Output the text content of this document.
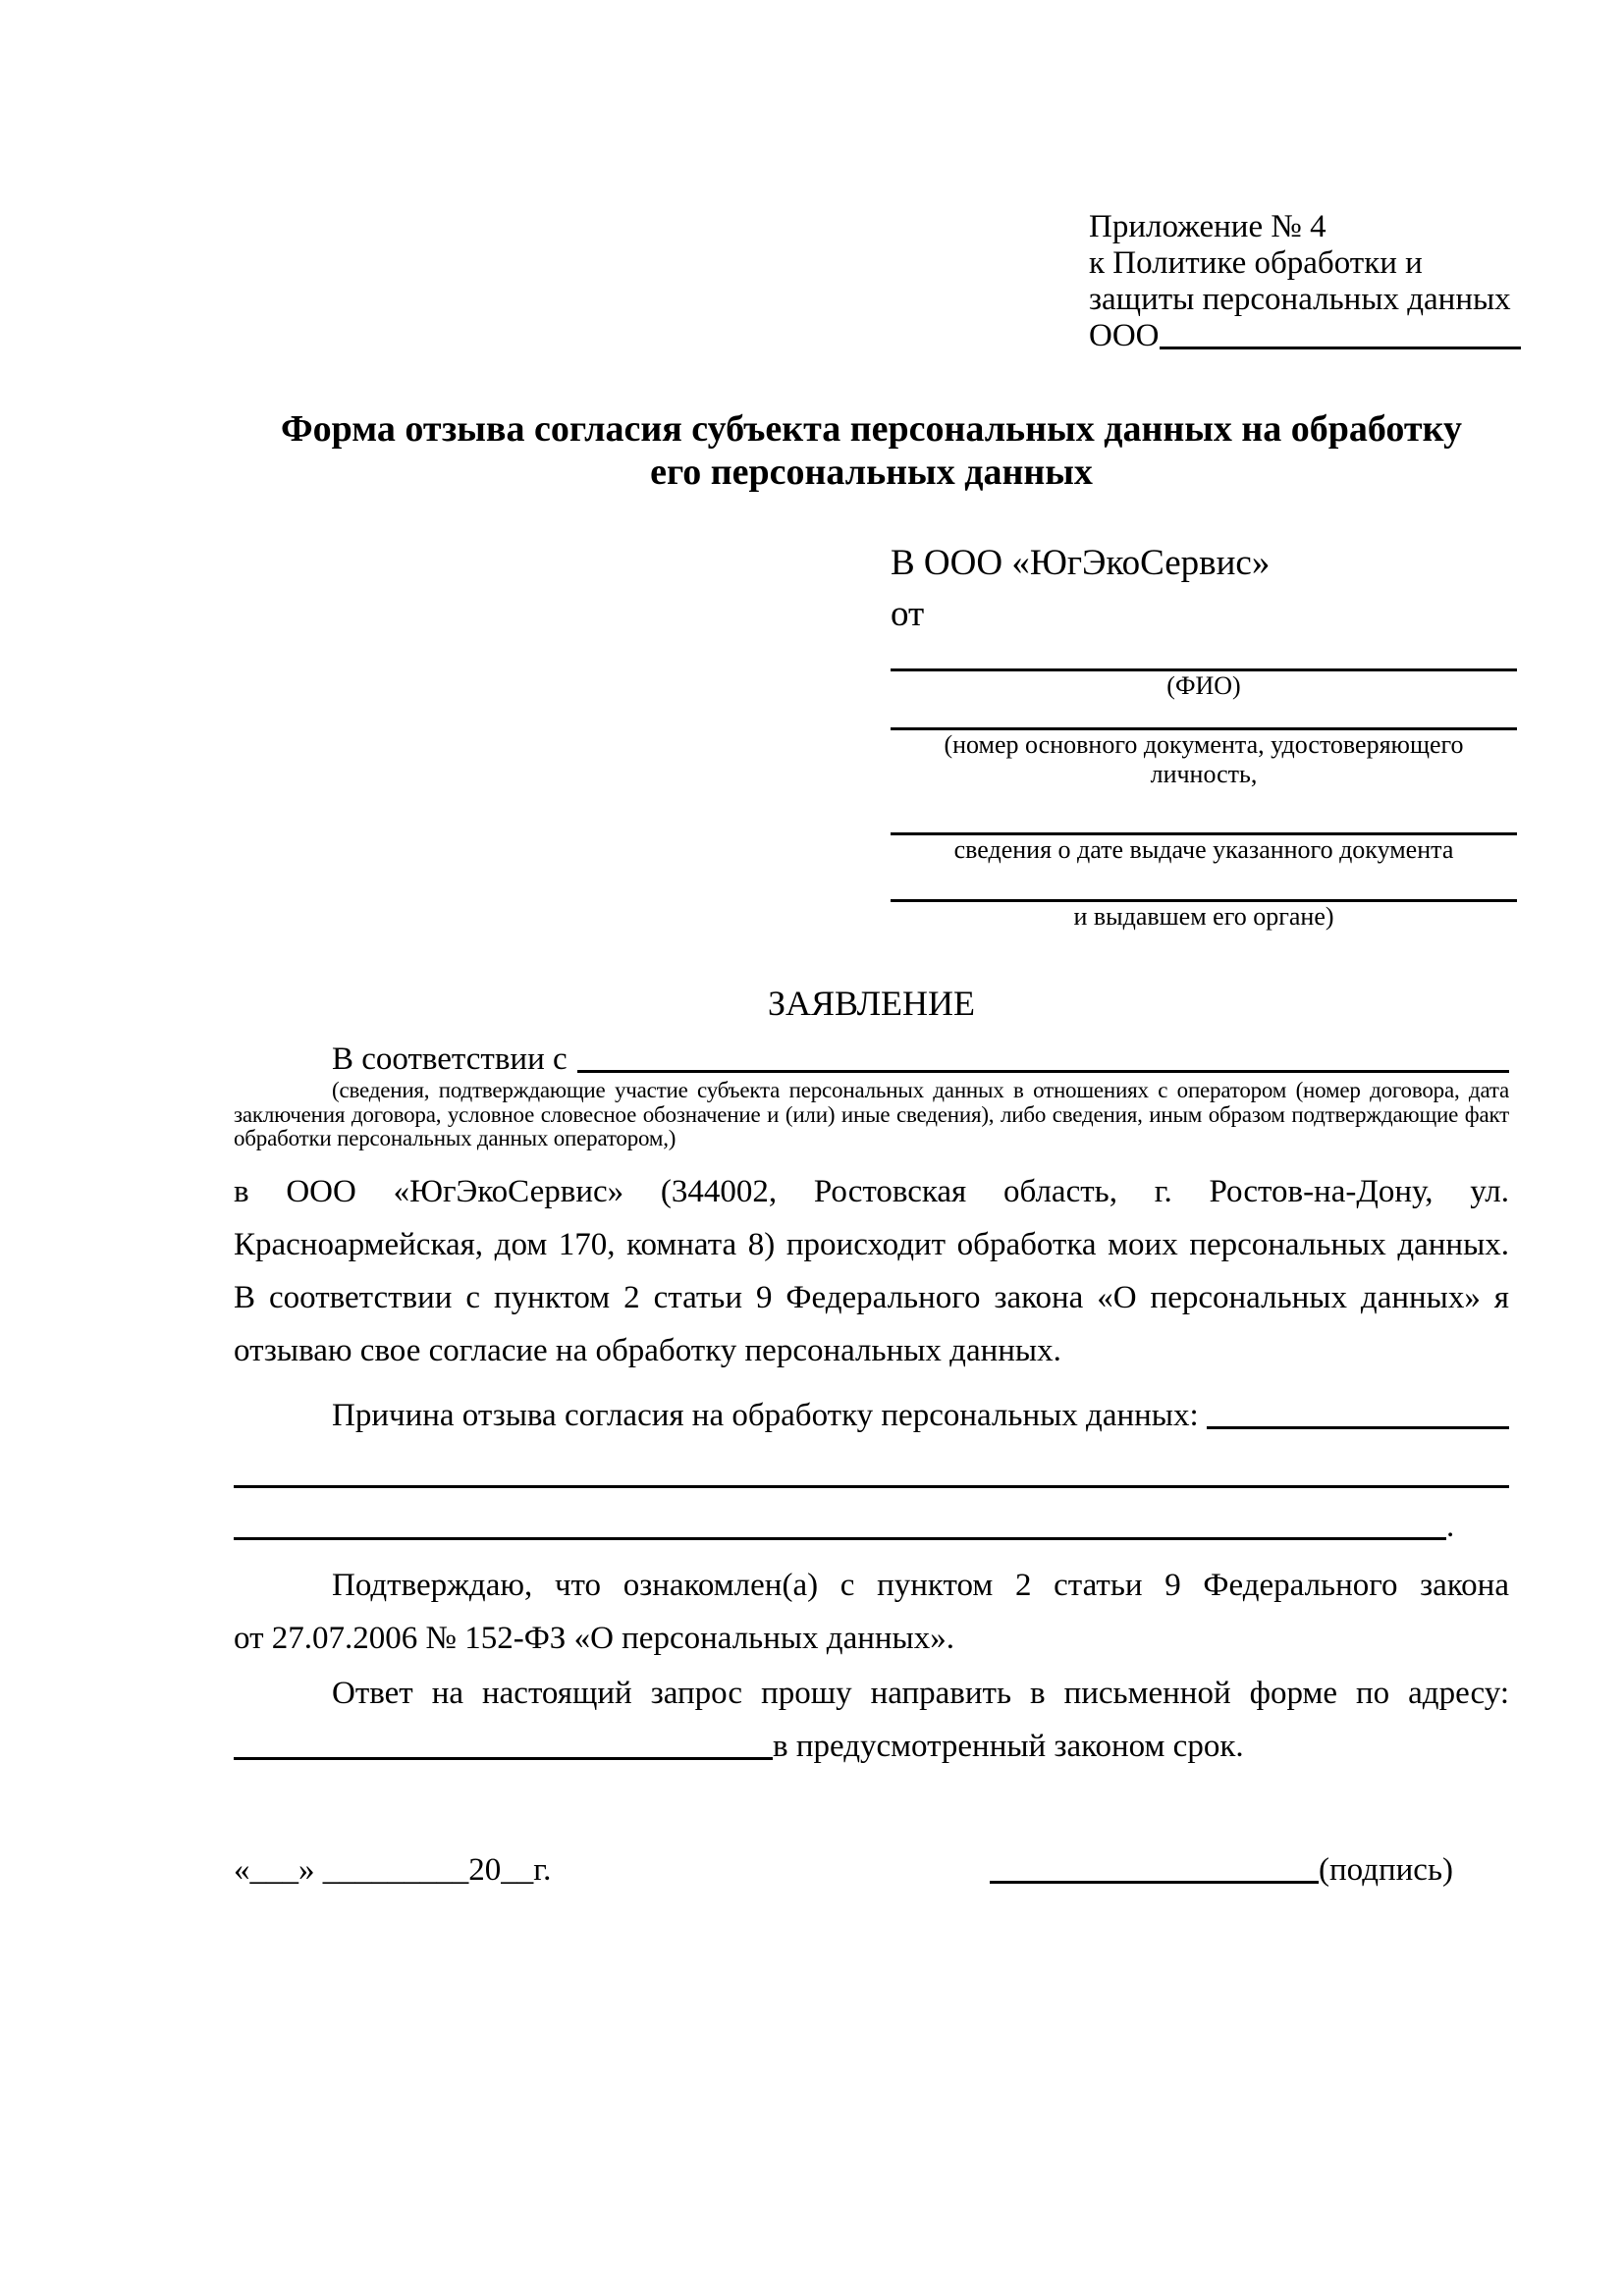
Приложение № 4
к Политике обработки и
защиты персональных данных
ООО
Форма отзыва согласия субъекта персональных данных на обработку
его персональных данных
В ООО «ЮгЭкоСервис»
от
(ФИО)
(номер основного документа, удостоверяющего личность,
сведения о дате выдаче указанного документа
и выдавшем его органе)
ЗАЯВЛЕНИЕ
В соответствии с
(сведения, подтверждающие участие субъекта персональных данных в отношениях с оператором (номер договора, дата
заключения договора, условное словесное обозначение и (или) иные сведения), либо сведения, иным образом подтверждающие факт
обработки персональных данных оператором,)
в ООО «ЮгЭкоСервис» (344002, Ростовская область, г. Ростов-на-Дону, ул.
Красноармейская, дом 170, комната 8) происходит обработка моих персональных данных.
В соответствии с пунктом 2 статьи 9 Федерального закона «О персональных данных» я
отзываю свое согласие на обработку персональных данных.
Причина отзыва согласия на обработку персональных данных:
.
Подтверждаю, что ознакомлен(а) с пунктом 2 статьи 9 Федерального закона
от 27.07.2006 № 152-ФЗ «О персональных данных».
Ответ на настоящий запрос прошу направить в письменной форме по адресу:
в предусмотренный законом срок.
«___» _________20__г.	(подпись)
